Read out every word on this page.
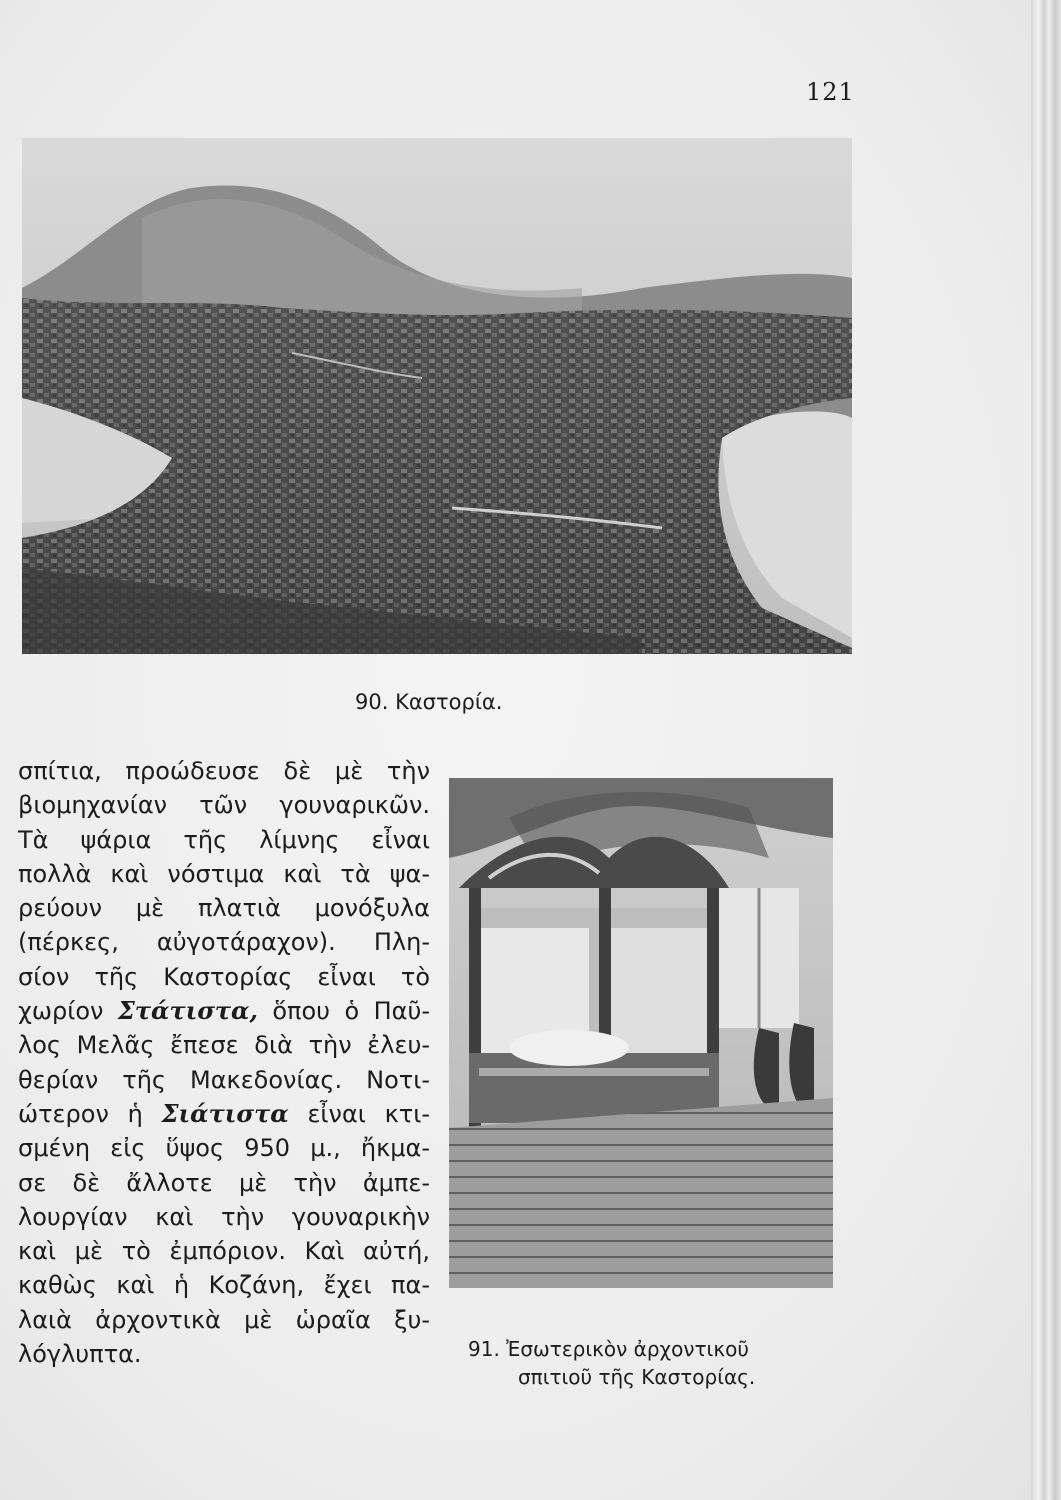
121
90. Καστορία.
σπίτια, προώδευσε δὲ μὲ τὴν
βιομηχανίαν τῶν γουναρικῶν.
Τὰ ψάρια τῆς λίμνης εἶναι
πολλὰ καὶ νόστιμα καὶ τὰ ψα-
ρεύουν μὲ πλατιὰ μονόξυλα
(πέρκες, αὐγοτάραχον). Πλη-
σίον τῆς Καστορίας εἶναι τὸ
χωρίον Στάτιστα, ὅπου ὁ Παῦ-
λος Μελᾶς ἔπεσε διὰ τὴν ἐλευ-
θερίαν τῆς Μακεδονίας. Νοτι-
ώτερον ἡ Σιάτιστα εἶναι κτι-
σμένη εἰς ὕψος 950 μ., ἤκμα-
σε δὲ ἄλλοτε μὲ τὴν ἀμπε-
λουργίαν καὶ τὴν γουναρικὴν
καὶ μὲ τὸ ἐμπόριον. Καὶ αὐτή,
καθὼς καὶ ἡ Κοζάνη, ἔχει πα-
λαιὰ ἀρχοντικὰ μὲ ὡραῖα ξυ-
λόγλυπτα.	91. Ἐσωτερικὸν ἀρχοντικοῦ
σπιτιοῦ τῆς Καστορίας.
